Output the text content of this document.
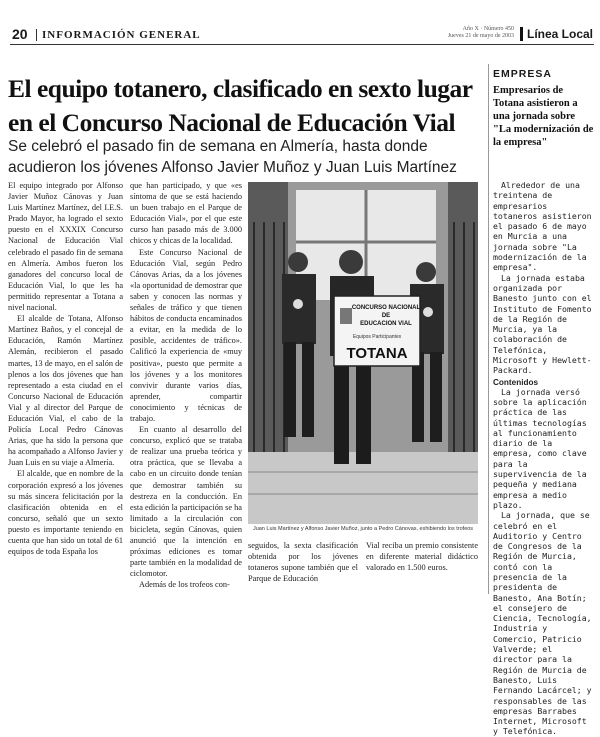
20	INFORMACIÓN GENERAL	Año X · Número 450
Jueves 21 de mayo de 2003	Línea Local
El equipo totanero, clasificado en sexto lugar en el Concurso Nacional de Educación Vial

Se celebró el pasado fin de semana en Almería, hasta donde acudieron los jóvenes Alfonso Javier Muñoz y Juan Luis Martínez

El equipo integrado por Alfonso Javier Muñoz Cánovas y Juan Luis Martínez Martínez, del I.E.S. Prado Mayor, ha logrado el sexto puesto en el XXXIX Concurso Nacional de Educación Vial celebrado el pasado fin de semana en Almería. Ambos fueron los ganadores del concurso local de Educación Vial, lo que les ha permitido representar a Totana a nivel nacional.

El alcalde de Totana, Alfonso Martínez Baños, y el concejal de Educación, Ramón Martínez Alemán, recibieron el pasado martes, 13 de mayo, en el salón de plenos a los dos jóvenes que han representado a esta ciudad en el Concurso Nacional de Educación Vial y al director del Parque de Educación Vial, el cabo de la Policía Local Pedro Cánovas Arias, que ha sido la persona que ha acompañado a Alfonso Javier y Juan Luis en su viaje a Almería.

El alcalde, que en nombre de la corporación expresó a los jóvenes su más sincera felicitación por la clasificación obtenida en el concurso, señaló que un sexto puesto es importante teniendo en cuenta que han sido un total de 61 equipos de toda España los

que han participado, y que «es síntoma de que se está haciendo un buen trabajo en el Parque de Educación Vial», por el que este curso han pasado más de 3.000 chicos y chicas de la localidad.

Este Concurso Nacional de Educación Vial, según Pedro Cánovas Arias, da a los jóvenes «la oportunidad de demostrar que saben y conocen las normas y señales de tráfico y que tienen hábitos de conducta encaminados a evitar, en la medida de lo posible, accidentes de tráfico». Calificó la experiencia de «muy positiva», puesto que permite a los jóvenes y a los monitores convivir durante varios días, aprender, compartir conocimiento y técnicas de trabajo.

En cuanto al desarrollo del concurso, explicó que se trataba de realizar una prueba teórica y otra práctica, que se llevaba a cabo en un circuito donde tenían que demostrar también su destreza en la conducción. En esta edición la participación se ha limitado a la circulación con bicicleta, según Cánovas, quien anunció que la intención en próximas ediciones es tomar parte también en la modalidad de ciclomotor.

Además de los trofeos con-

CONCURSO NACIONAL
DE
EDUCACION VIAL
Equipos Participantes
TOTANA
Juan Luis Martínez y Alfonso Javier Muñoz, junto a Pedro Cánovas, exhibiendo los trofeos

seguidos, la sexta clasificación obtenida por los jóvenes totaneros supone también que el Parque de Educación

Vial reciba un premio consistente en diferente material didáctico valorado en 1.500 euros.

EMPRESA
Empresarios de Totana asistieron a una jornada sobre "La modernización de la empresa"

Alrededor de una treintena de empresarios totaneros asistieron el pasado 6 de mayo en Murcia a una jornada sobre "La modernización de la empresa".

La jornada estaba organizada por Banesto junto con el Instituto de Fomento de la Región de Murcia, ya la colaboración de Telefónica, Microsoft y Hewlett-Packard.

Contenidos

La jornada versó sobre la aplicación práctica de las últimas tecnologías al funcionamiento diario de la empresa, como clave para la supervivencia de la pequeña y mediana empresa a medio plazo.

La jornada, que se celebró en el Auditorio y Centro de Congresos de la Región de Murcia, contó con la presencia de la presidenta de Banesto, Ana Botín; el consejero de Ciencia, Tecnología, Industria y Comercio, Patricio Valverde; el director para la Región de Murcia de Banesto, Luis Fernando Lacárcel; y responsables de las empresas Barrabes Internet, Microsoft y Telefónica.
